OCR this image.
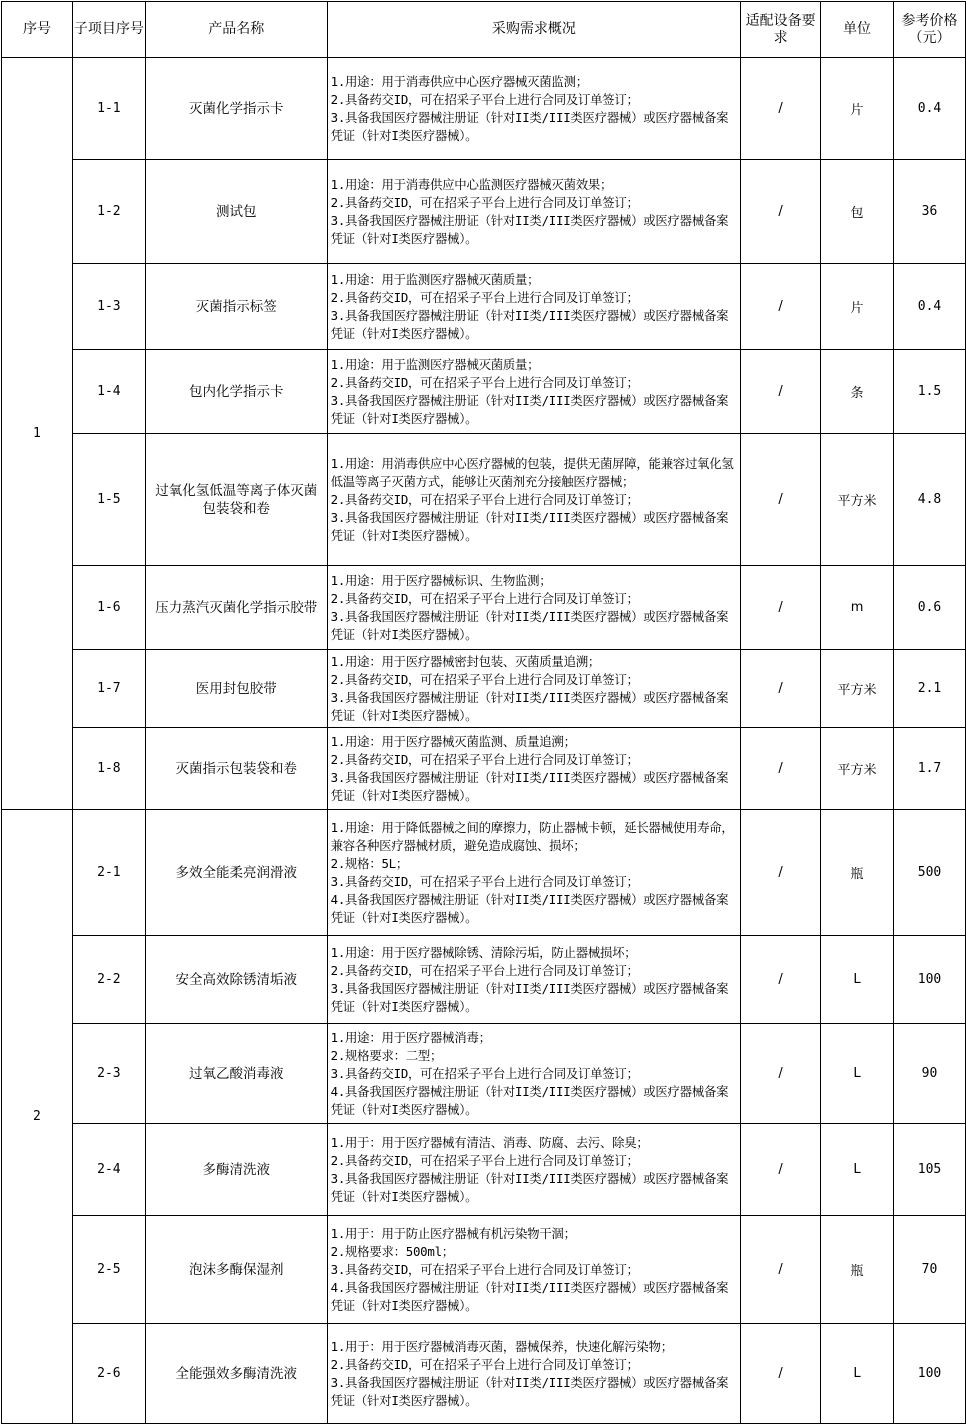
序号	子项目序号	产品名称	采购需求概况	适配设备要求	单位	参考价格（元）
1	1-1	灭菌化学指示卡	1.用途：用于消毒供应中心医疗器械灭菌监测；
2.具备药交ID，可在招采子平台上进行合同及订单签订；
3.具备我国医疗器械注册证（针对II类/III类医疗器械）或医疗器械备案凭证（针对I类医疗器械）。	/	片	0.4
	1-2	测试包	1.用途：用于消毒供应中心监测医疗器械灭菌效果；
2.具备药交ID，可在招采子平台上进行合同及订单签订；
3.具备我国医疗器械注册证（针对II类/III类医疗器械）或医疗器械备案凭证（针对I类医疗器械）。	/	包	36
	1-3	灭菌指示标签	1.用途：用于监测医疗器械灭菌质量；
2.具备药交ID，可在招采子平台上进行合同及订单签订；
3.具备我国医疗器械注册证（针对II类/III类医疗器械）或医疗器械备案凭证（针对I类医疗器械）。	/	片	0.4
	1-4	包内化学指示卡	1.用途：用于监测医疗器械灭菌质量；
2.具备药交ID，可在招采子平台上进行合同及订单签订；
3.具备我国医疗器械注册证（针对II类/III类医疗器械）或医疗器械备案凭证（针对I类医疗器械）。	/	条	1.5
	1-5	过氧化氢低温等离子体灭菌包装袋和卷	1.用途：用消毒供应中心医疗器械的包装，提供无菌屏障，能兼容过氧化氢低温等离子灭菌方式，能够让灭菌剂充分接触医疗器械；
2.具备药交ID，可在招采子平台上进行合同及订单签订；
3.具备我国医疗器械注册证（针对II类/III类医疗器械）或医疗器械备案凭证（针对I类医疗器械）。	/	平方米	4.8
	1-6	压力蒸汽灭菌化学指示胶带	1.用途：用于医疗器械标识、生物监测；
2.具备药交ID，可在招采子平台上进行合同及订单签订；
3.具备我国医疗器械注册证（针对II类/III类医疗器械）或医疗器械备案凭证（针对I类医疗器械）。	/	m	0.6
	1-7	医用封包胶带	1.用途：用于医疗器械密封包装、灭菌质量追溯；
2.具备药交ID，可在招采子平台上进行合同及订单签订；
3.具备我国医疗器械注册证（针对II类/III类医疗器械）或医疗器械备案凭证（针对I类医疗器械）。	/	平方米	2.1
	1-8	灭菌指示包装袋和卷	1.用途：用于医疗器械灭菌监测、质量追溯；
2.具备药交ID，可在招采子平台上进行合同及订单签订；
3.具备我国医疗器械注册证（针对II类/III类医疗器械）或医疗器械备案凭证（针对I类医疗器械）。	/	平方米	1.7
2	2-1	多效全能柔亮润滑液	1.用途：用于降低器械之间的摩擦力，防止器械卡顿，延长器械使用寿命，兼容各种医疗器械材质，避免造成腐蚀、损坏；
2.规格：5L；
3.具备药交ID，可在招采子平台上进行合同及订单签订；
4.具备我国医疗器械注册证（针对II类/III类医疗器械）或医疗器械备案凭证（针对I类医疗器械）。	/	瓶	500
	2-2	安全高效除锈清垢液	1.用途：用于医疗器械除锈、清除污垢，防止器械损坏；
2.具备药交ID，可在招采子平台上进行合同及订单签订；
3.具备我国医疗器械注册证（针对II类/III类医疗器械）或医疗器械备案凭证（针对I类医疗器械）。	/	L	100
	2-3	过氧乙酸消毒液	1.用途：用于医疗器械消毒；
2.规格要求：二型；
3.具备药交ID，可在招采子平台上进行合同及订单签订；
4.具备我国医疗器械注册证（针对II类/III类医疗器械）或医疗器械备案凭证（针对I类医疗器械）。	/	L	90
	2-4	多酶清洗液	1.用于：用于医疗器械有清洁、消毒、防腐、去污、除臭；
2.具备药交ID，可在招采子平台上进行合同及订单签订；
3.具备我国医疗器械注册证（针对II类/III类医疗器械）或医疗器械备案凭证（针对I类医疗器械）。	/	L	105
	2-5	泡沫多酶保湿剂	1.用于：用于防止医疗器械有机污染物干涸；
2.规格要求：500ml；
3.具备药交ID，可在招采子平台上进行合同及订单签订；
4.具备我国医疗器械注册证（针对II类/III类医疗器械）或医疗器械备案凭证（针对I类医疗器械）。	/	瓶	70
	2-6	全能强效多酶清洗液	1.用于：用于医疗器械消毒灭菌，器械保养，快速化解污染物；
2.具备药交ID，可在招采子平台上进行合同及订单签订；
3.具备我国医疗器械注册证（针对II类/III类医疗器械）或医疗器械备案凭证（针对I类医疗器械）。	/	L	100
